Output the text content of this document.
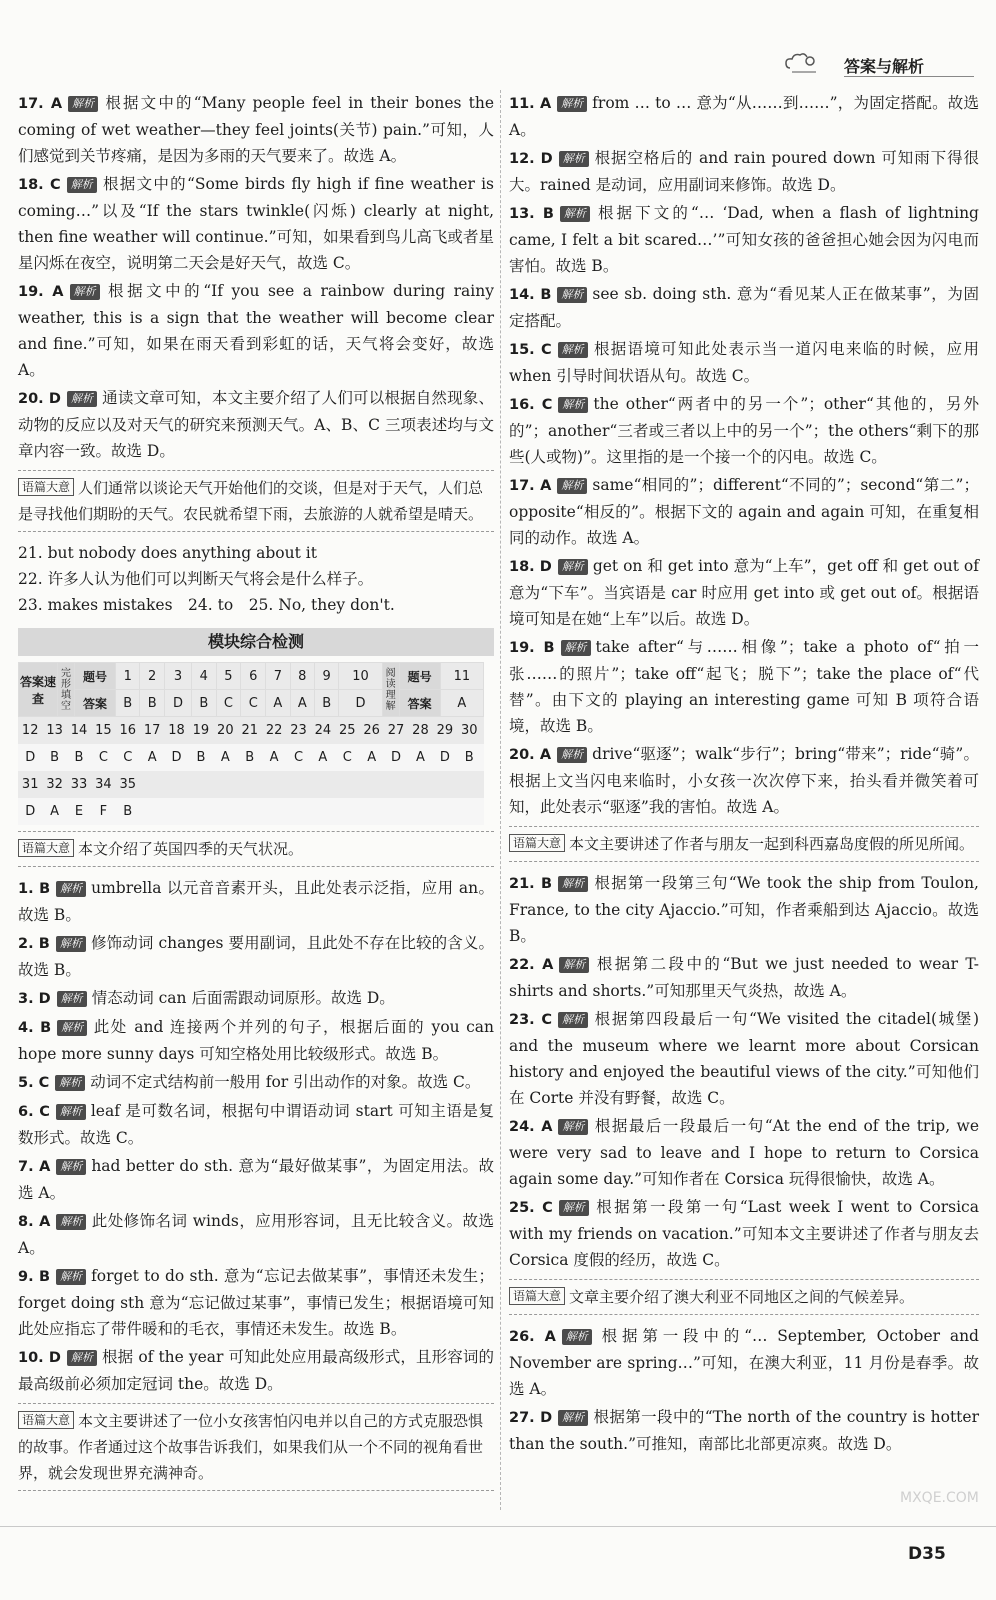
答案与解析
17. A 解析 根据文中的“Many people feel in their bones the coming of wet weather—they feel joints(关节) pain.”可知，人们感觉到关节疼痛，是因为多雨的天气要来了。故选 A。
18. C 解析 根据文中的“Some birds fly high if fine weather is coming…”以及“If the stars twinkle(闪烁) clearly at night, then fine weather will continue.”可知，如果看到鸟儿高飞或者星星闪烁在夜空，说明第二天会是好天气，故选 C。
19. A 解析 根据文中的“If you see a rainbow during rainy weather, this is a sign that the weather will become clear and fine.”可知，如果在雨天看到彩虹的话，天气将会变好，故选 A。
20. D 解析 通读文章可知，本文主要介绍了人们可以根据自然现象、动物的反应以及对天气的研究来预测天气。A、B、C 三项表述均与文章内容一致。故选 D。
语篇大意 人们通常以谈论天气开始他们的交谈，但是对于天气，人们总是寻找他们期盼的天气。农民就希望下雨，去旅游的人就希望是晴天。
21. but nobody does anything about it
22. 许多人认为他们可以判断天气将会是什么样子。
23. makes mistakes　24. to　25. No, they don't.
模块综合检测
答案速查	完形填空	题号	1	2	3	4	5	6	7	8	9	10	阅读理解	题号	11
		答案	B	B	D	B	C	C	A	A	B	D		答案	A
12 13 14 15 16 17 18 19 20 21 22 23 24 25 26 27 28 29 30
D	B	B	C	C	A	D	B	A	B	A	C	A	C	A	D	A	D	B
31 32 33 34 35
D	A	E	F	B
语篇大意 本文介绍了英国四季的天气状况。
1. B 解析 umbrella 以元音音素开头，且此处表示泛指，应用 an。故选 B。
2. B 解析 修饰动词 changes 要用副词，且此处不存在比较的含义。故选 B。
3. D 解析 情态动词 can 后面需跟动词原形。故选 D。
4. B 解析 此处 and 连接两个并列的句子，根据后面的 you can hope more sunny days 可知空格处用比较级形式。故选 B。
5. C 解析 动词不定式结构前一般用 for 引出动作的对象。故选 C。
6. C 解析 leaf 是可数名词，根据句中谓语动词 start 可知主语是复数形式。故选 C。
7. A 解析 had better do sth. 意为“最好做某事”，为固定用法。故选 A。
8. A 解析 此处修饰名词 winds，应用形容词，且无比较含义。故选 A。
9. B 解析 forget to do sth. 意为“忘记去做某事”，事情还未发生；forget doing sth 意为“忘记做过某事”，事情已发生；根据语境可知此处应指忘了带件暖和的毛衣，事情还未发生。故选 B。
10. D 解析 根据 of the year 可知此处应用最高级形式，且形容词的最高级前必须加定冠词 the。故选 D。
语篇大意 本文主要讲述了一位小女孩害怕闪电并以自己的方式克服恐惧的故事。作者通过这个故事告诉我们，如果我们从一个不同的视角看世界，就会发现世界充满神奇。
11. A 解析 from … to … 意为“从……到……”，为固定搭配。故选 A。
12. D 解析 根据空格后的 and rain poured down 可知雨下得很大。rained 是动词，应用副词来修饰。故选 D。
13. B 解析 根据下文的“… ‘Dad, when a flash of lightning came, I felt a bit scared…’”可知女孩的爸爸担心她会因为闪电而害怕。故选 B。
14. B 解析 see sb. doing sth. 意为“看见某人正在做某事”，为固定搭配。
15. C 解析 根据语境可知此处表示当一道闪电来临的时候，应用 when 引导时间状语从句。故选 C。
16. C 解析 the other“两者中的另一个”；other“其他的，另外的”；another“三者或三者以上中的另一个”；the others“剩下的那些(人或物)”。这里指的是一个接一个的闪电。故选 C。
17. A 解析 same“相同的”；different“不同的”；second“第二”；opposite“相反的”。根据下文的 again and again 可知，在重复相同的动作。故选 A。
18. D 解析 get on 和 get into 意为“上车”，get off 和 get out of 意为“下车”。当宾语是 car 时应用 get into 或 get out of。根据语境可知是在她“上车”以后。故选 D。
19. B 解析 take after“与……相像”；take a photo of“拍一张……的照片”；take off“起飞；脱下”；take the place of“代替”。由下文的 playing an interesting game 可知 B 项符合语境，故选 B。
20. A 解析 drive“驱逐”；walk“步行”；bring“带来”；ride“骑”。根据上文当闪电来临时，小女孩一次次停下来，抬头看并微笑着可知，此处表示“驱逐”我的害怕。故选 A。
语篇大意 本文主要讲述了作者与朋友一起到科西嘉岛度假的所见所闻。
21. B 解析 根据第一段第三句“We took the ship from Toulon, France, to the city Ajaccio.”可知，作者乘船到达 Ajaccio。故选 B。
22. A 解析 根据第二段中的“But we just needed to wear T-shirts and shorts.”可知那里天气炎热，故选 A。
23. C 解析 根据第四段最后一句“We visited the citadel(城堡) and the museum where we learnt more about Corsican history and enjoyed the beautiful views of the city.”可知他们在 Corte 并没有野餐，故选 C。
24. A 解析 根据最后一段最后一句“At the end of the trip, we were very sad to leave and I hope to return to Corsica again some day.”可知作者在 Corsica 玩得很愉快，故选 A。
25. C 解析 根据第一段第一句“Last week I went to Corsica with my friends on vacation.”可知本文主要讲述了作者与朋友去 Corsica 度假的经历，故选 C。
语篇大意 文章主要介绍了澳大利亚不同地区之间的气候差异。
26. A 解析 根据第一段中的“… September, October and November are spring…”可知，在澳大利亚，11 月份是春季。故选 A。
27. D 解析 根据第一段中的“The north of the country is hotter than the south.”可推知，南部比北部更凉爽。故选 D。
MXQE.COM
D35
